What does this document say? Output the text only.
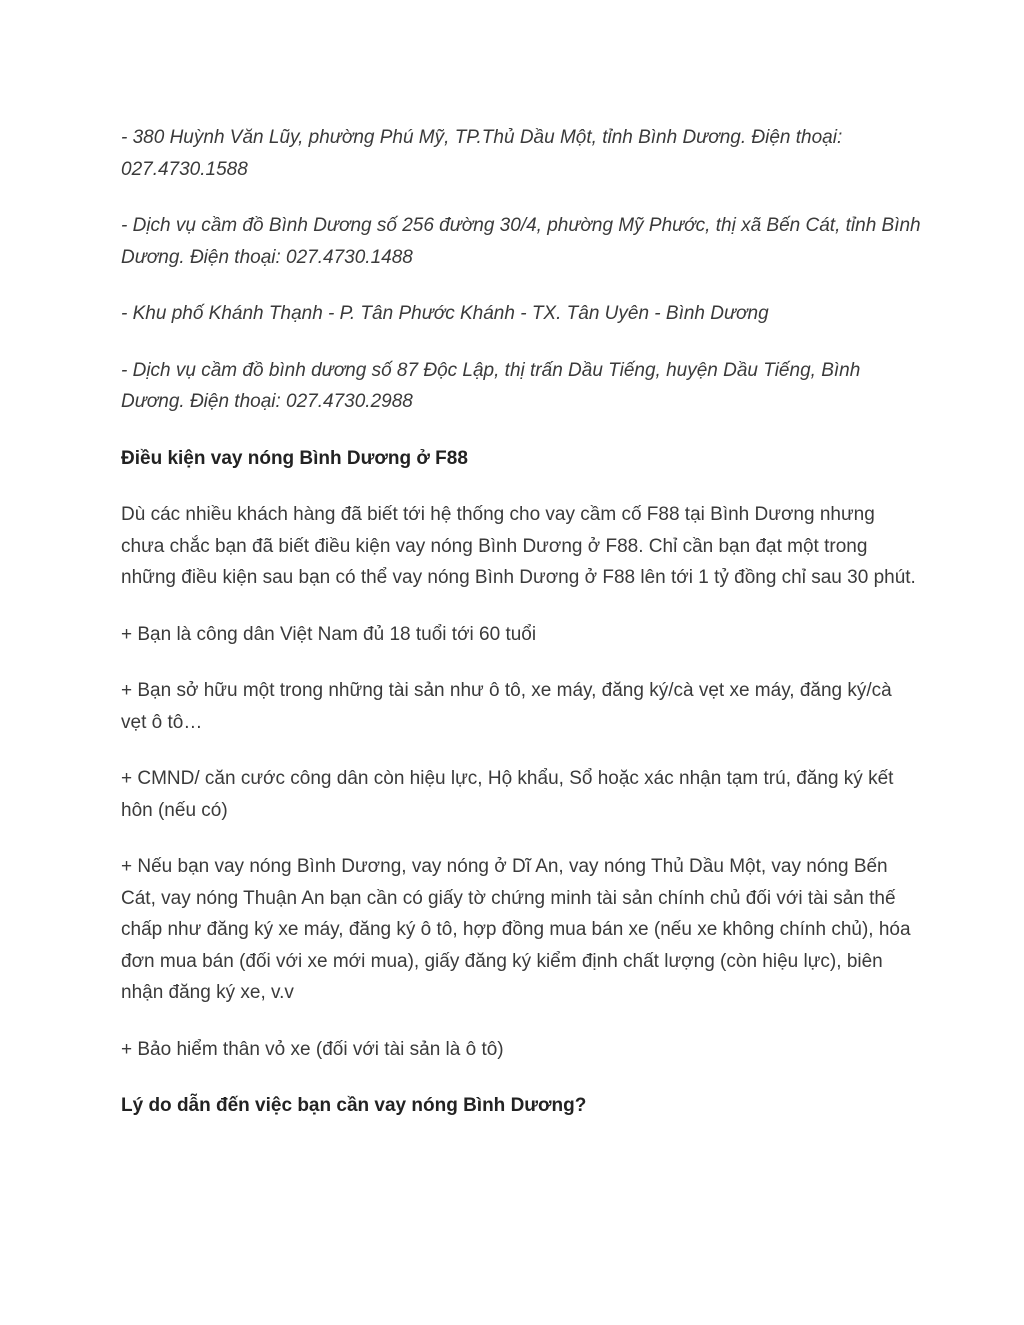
- 380 Huỳnh Văn Lũy, phường Phú Mỹ, TP.Thủ Dầu Một, tỉnh Bình Dương. Điện thoại: 027.4730.1588

- Dịch vụ cầm đồ Bình Dương số 256 đường 30/4, phường Mỹ Phước, thị xã Bến Cát, tỉnh Bình Dương. Điện thoại: 027.4730.1488

- Khu phố Khánh Thạnh - P. Tân Phước Khánh - TX. Tân Uyên - Bình Dương

- Dịch vụ cầm đồ bình dương số 87 Độc Lập, thị trấn Dầu Tiếng, huyện Dầu Tiếng, Bình Dương. Điện thoại: 027.4730.2988

Điều kiện vay nóng Bình Dương ở F88

Dù các nhiều khách hàng đã biết tới hệ thống cho vay cầm cố F88 tại Bình Dương nhưng chưa chắc bạn đã biết điều kiện vay nóng Bình Dương ở F88. Chỉ cần bạn đạt một trong những điều kiện sau bạn có thể vay nóng Bình Dương ở F88 lên tới 1 tỷ đồng chỉ sau 30 phút.

+ Bạn là công dân Việt Nam đủ 18 tuổi tới 60 tuổi

+ Bạn sở hữu một trong những tài sản như ô tô, xe máy, đăng ký/cà vẹt xe máy, đăng ký/cà vẹt ô tô…

+ CMND/ căn cước công dân còn hiệu lực, Hộ khẩu, Sổ hoặc xác nhận tạm trú, đăng ký kết hôn (nếu có)

+ Nếu bạn vay nóng Bình Dương, vay nóng ở Dĩ An, vay nóng Thủ Dầu Một, vay nóng Bến Cát, vay nóng Thuận An bạn cần có giấy tờ chứng minh tài sản chính chủ đối với tài sản thế chấp như đăng ký xe máy, đăng ký ô tô, hợp đồng mua bán xe (nếu xe không chính chủ), hóa đơn mua bán (đối với xe mới mua), giấy đăng ký kiểm định chất lượng (còn hiệu lực), biên nhận đăng ký xe, v.v

+ Bảo hiểm thân vỏ xe (đối với tài sản là ô tô)

Lý do dẫn đến việc bạn cần vay nóng Bình Dương?
